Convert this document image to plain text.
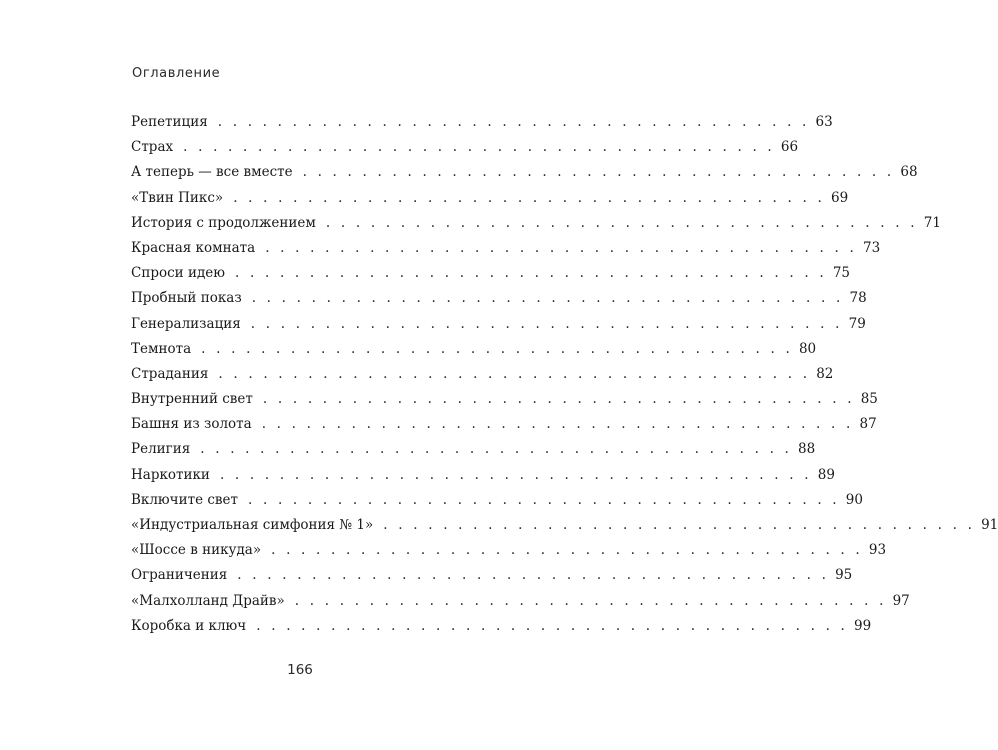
Оглавление
Репетиция . . . . . . . . . . . . . . . . . . . . . . . . . . . . . . . . . . . . . . . . 63
Страх . . . . . . . . . . . . . . . . . . . . . . . . . . . . . . . . . . . . . . . . 66
А теперь — все вместе . . . . . . . . . . . . . . . . . . . . . . . . . . . . . . . . . . . . . . . . 68
«Твин Пикс» . . . . . . . . . . . . . . . . . . . . . . . . . . . . . . . . . . . . . . . . 69
История с продолжением . . . . . . . . . . . . . . . . . . . . . . . . . . . . . . . . . . . . . . . . 71
Красная комната . . . . . . . . . . . . . . . . . . . . . . . . . . . . . . . . . . . . . . . . 73
Спроси идею . . . . . . . . . . . . . . . . . . . . . . . . . . . . . . . . . . . . . . . . 75
Пробный показ . . . . . . . . . . . . . . . . . . . . . . . . . . . . . . . . . . . . . . . . 78
Генерализация . . . . . . . . . . . . . . . . . . . . . . . . . . . . . . . . . . . . . . . . 79
Темнота . . . . . . . . . . . . . . . . . . . . . . . . . . . . . . . . . . . . . . . . 80
Страдания . . . . . . . . . . . . . . . . . . . . . . . . . . . . . . . . . . . . . . . . 82
Внутренний свет . . . . . . . . . . . . . . . . . . . . . . . . . . . . . . . . . . . . . . . . 85
Башня из золота . . . . . . . . . . . . . . . . . . . . . . . . . . . . . . . . . . . . . . . . 87
Религия . . . . . . . . . . . . . . . . . . . . . . . . . . . . . . . . . . . . . . . . 88
Наркотики . . . . . . . . . . . . . . . . . . . . . . . . . . . . . . . . . . . . . . . . 89
Включите свет . . . . . . . . . . . . . . . . . . . . . . . . . . . . . . . . . . . . . . . . 90
«Индустриальная симфония № 1» . . . . . . . . . . . . . . . . . . . . . . . . . . . . . . . . . . . . . . . . 91
«Шоссе в никуда» . . . . . . . . . . . . . . . . . . . . . . . . . . . . . . . . . . . . . . . . 93
Ограничения . . . . . . . . . . . . . . . . . . . . . . . . . . . . . . . . . . . . . . . . 95
«Малхолланд Драйв» . . . . . . . . . . . . . . . . . . . . . . . . . . . . . . . . . . . . . . . . 97
Коробка и ключ . . . . . . . . . . . . . . . . . . . . . . . . . . . . . . . . . . . . . . . . 99
166
